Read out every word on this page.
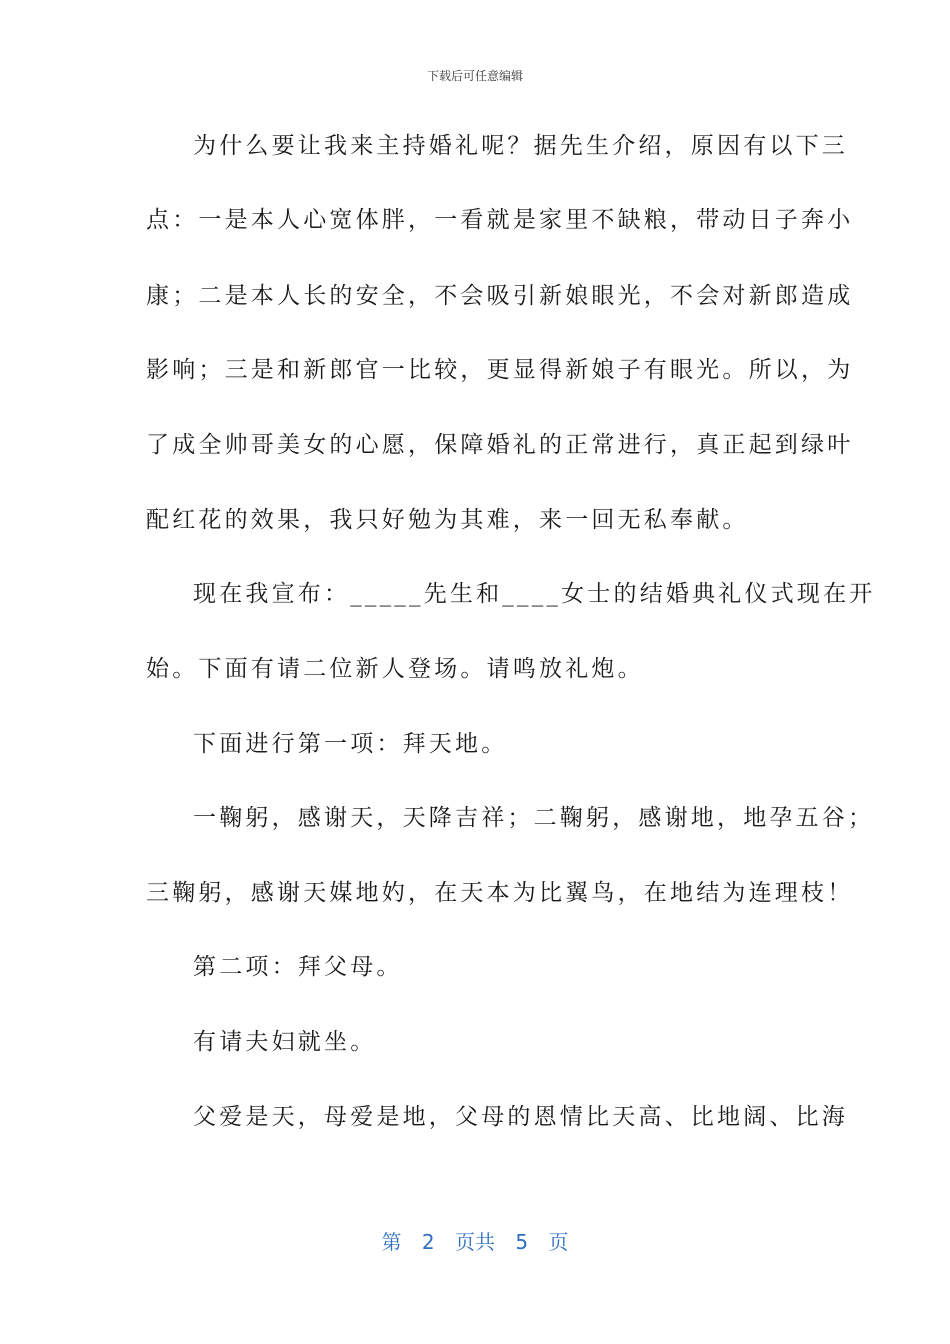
下载后可任意编辑
为什么要让我来主持婚礼呢？据先生介绍，原因有以下三
点：一是本人心宽体胖，一看就是家里不缺粮，带动日子奔小
康；二是本人长的安全，不会吸引新娘眼光，不会对新郎造成
影响；三是和新郎官一比较，更显得新娘子有眼光。所以，为
了成全帅哥美女的心愿，保障婚礼的正常进行，真正起到绿叶
配红花的效果，我只好勉为其难，来一回无私奉献。
现在我宣布：_____先生和____女士的结婚典礼仪式现在开
始。下面有请二位新人登场。请鸣放礼炮。
下面进行第一项：拜天地。
一鞠躬，感谢天，天降吉祥；二鞠躬，感谢地，地孕五谷；
三鞠躬，感谢天媒地妁，在天本为比翼鸟，在地结为连理枝！
第二项：拜父母。
有请夫妇就坐。
父爱是天，母爱是地，父母的恩情比天高、比地阔、比海
第 2 页共 5 页
